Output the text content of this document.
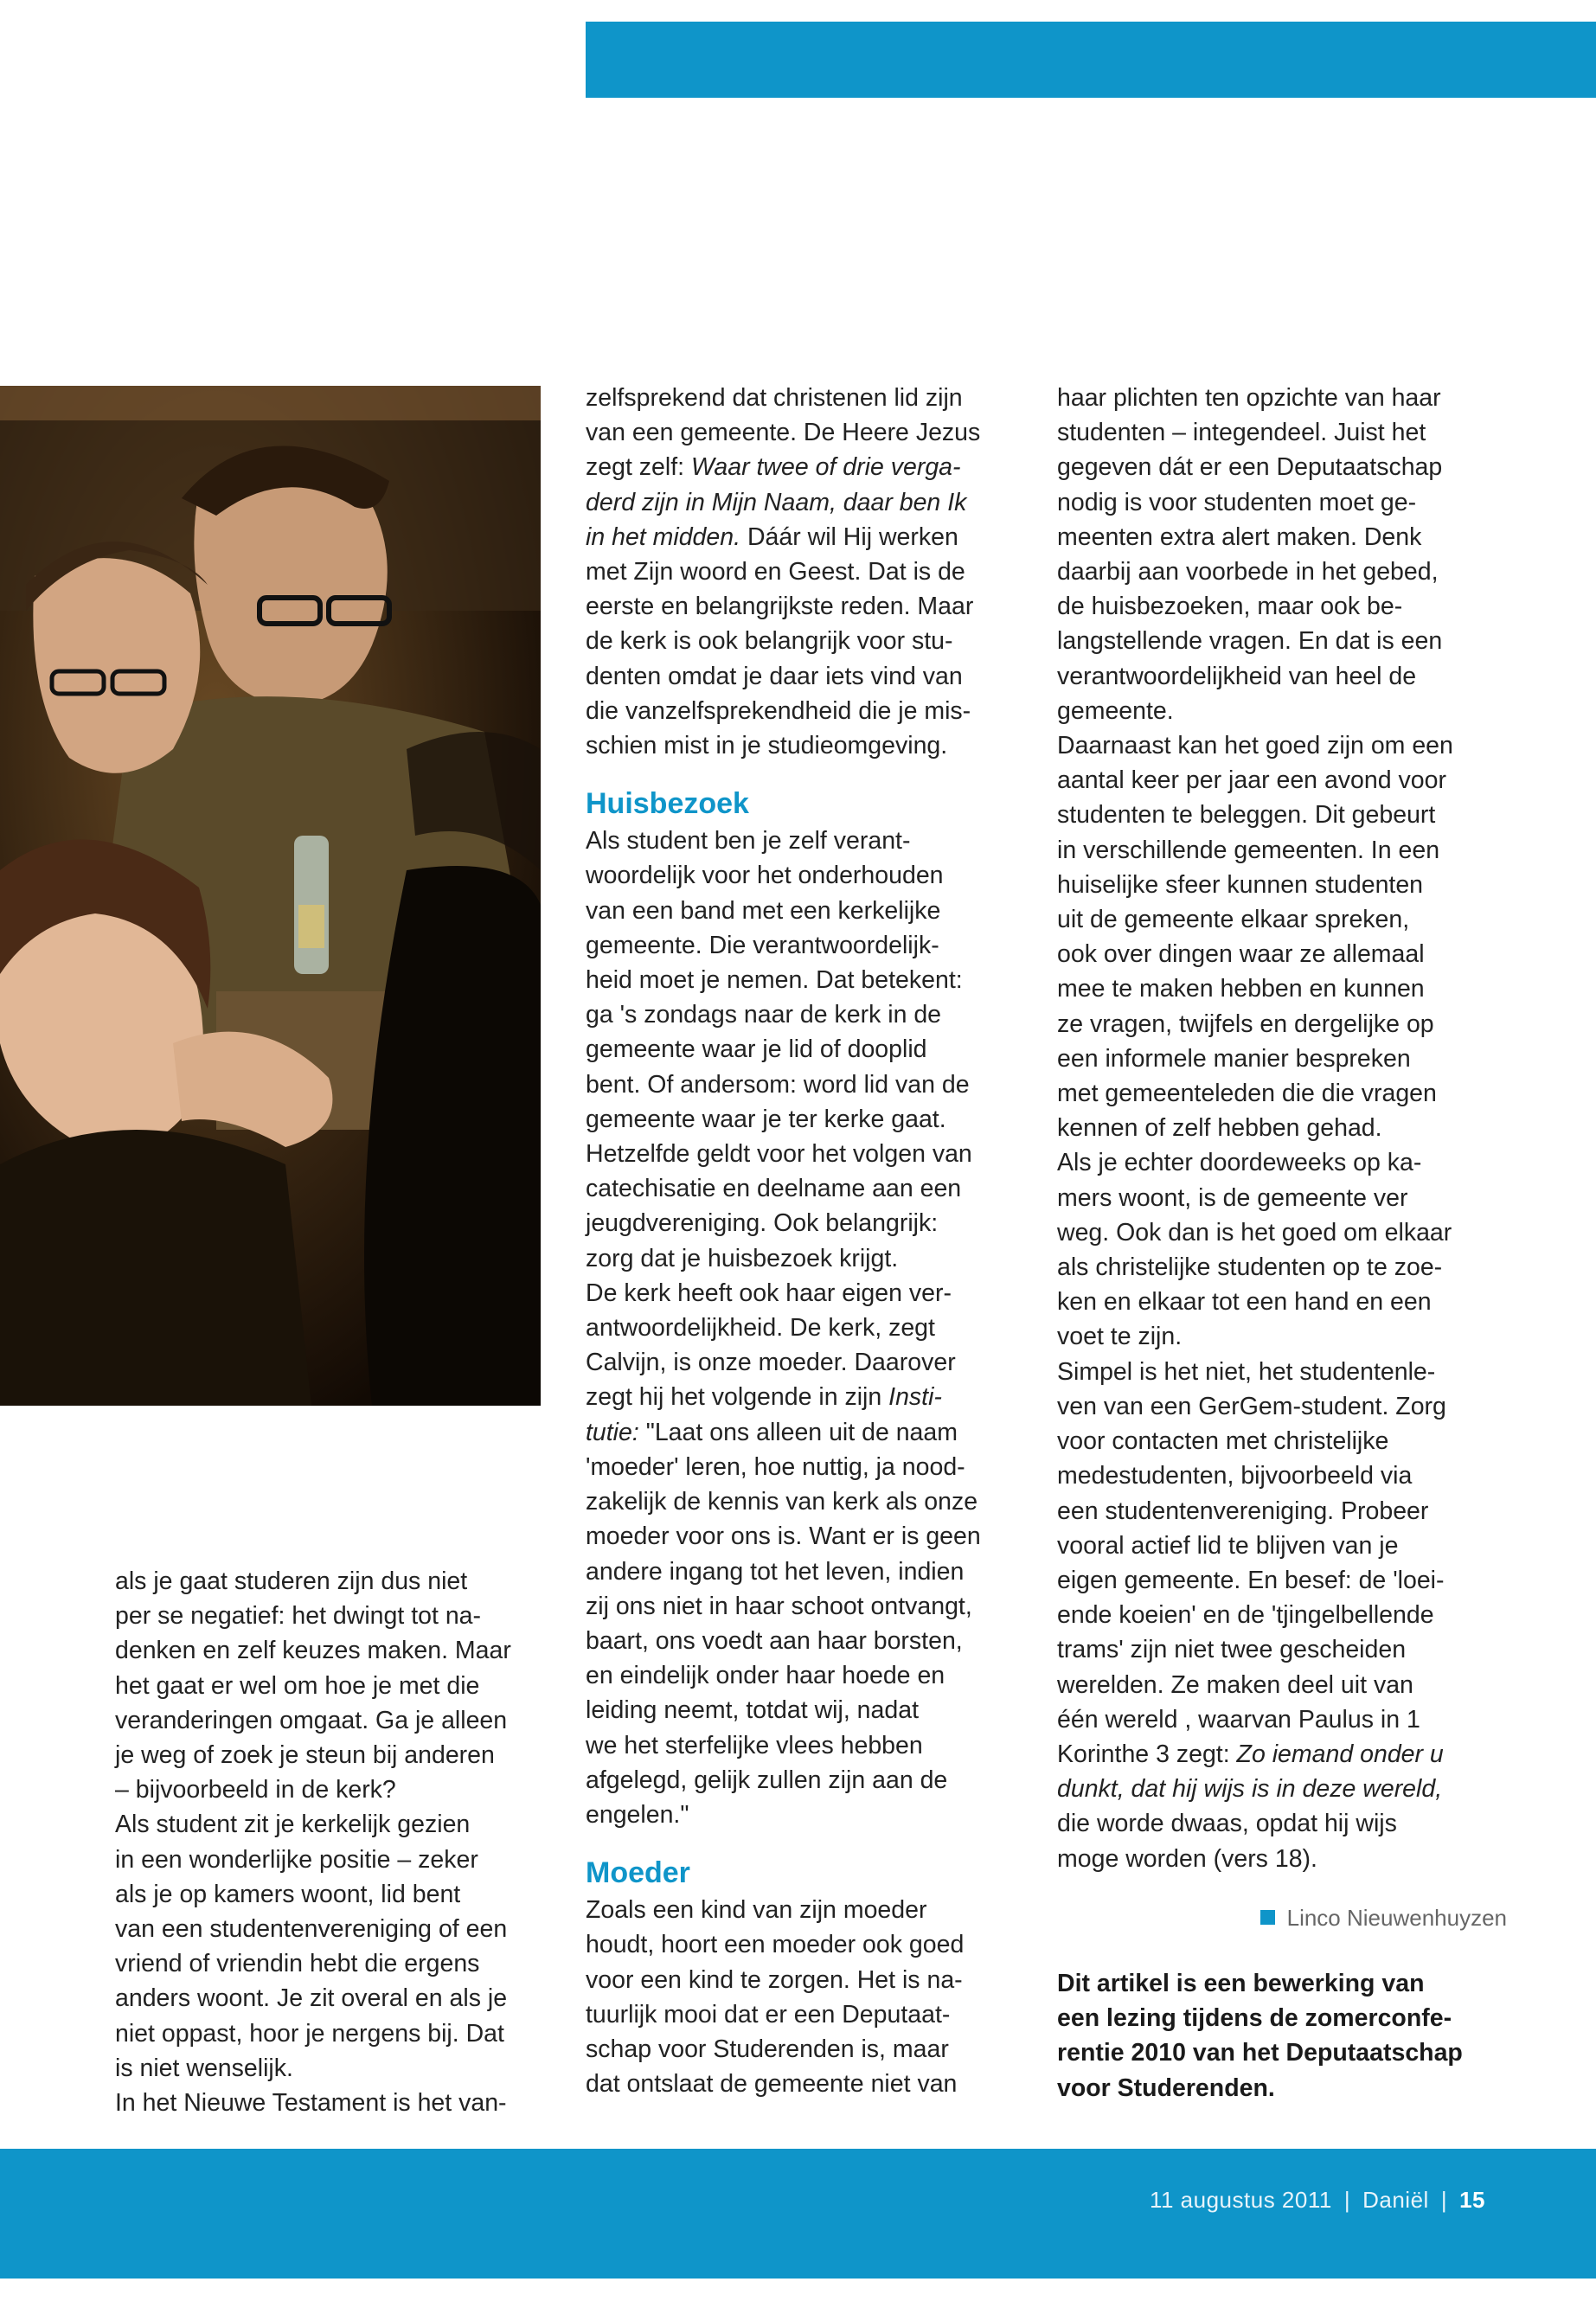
als je gaat studeren zijn dus niet
per se negatief: het dwingt tot na-
denken en zelf keuzes maken. Maar
het gaat er wel om hoe je met die
veranderingen omgaat. Ga je alleen
je weg of zoek je steun bij anderen
– bijvoorbeeld in de kerk?
Als student zit je kerkelijk gezien
in een wonderlijke positie – zeker
als je op kamers woont, lid bent
van een studentenvereniging of een
vriend of vriendin hebt die ergens
anders woont. Je zit overal en als je
niet oppast, hoor je nergens bij. Dat
is niet wenselijk.
In het Nieuwe Testament is het van-
zelfsprekend dat christenen lid zijn
van een gemeente. De Heere Jezus
zegt zelf: Waar twee of drie verga-
derd zijn in Mijn Naam, daar ben Ik
in het midden. Dáár wil Hij werken
met Zijn woord en Geest. Dat is de
eerste en belangrijkste reden. Maar
de kerk is ook belangrijk voor stu-
denten omdat je daar iets vind van
die vanzelfsprekendheid die je mis-
schien mist in je studieomgeving.
Huisbezoek
Als student ben je zelf verant-
woordelijk voor het onderhouden
van een band met een kerkelijke
gemeente. Die verantwoordelijk-
heid moet je nemen. Dat betekent:
ga 's zondags naar de kerk in de
gemeente waar je lid of dooplid
bent. Of andersom: word lid van de
gemeente waar je ter kerke gaat.
Hetzelfde geldt voor het volgen van
catechisatie en deelname aan een
jeugdvereniging. Ook belangrijk:
zorg dat je huisbezoek krijgt.
De kerk heeft ook haar eigen ver-
antwoordelijkheid. De kerk, zegt
Calvijn, is onze moeder. Daarover
zegt hij het volgende in zijn Insti-
tutie: "Laat ons alleen uit de naam
'moeder' leren, hoe nuttig, ja nood-
zakelijk de kennis van kerk als onze
moeder voor ons is. Want er is geen
andere ingang tot het leven, indien
zij ons niet in haar schoot ontvangt,
baart, ons voedt aan haar borsten,
en eindelijk onder haar hoede en
leiding neemt, totdat wij, nadat
we het sterfelijke vlees hebben
afgelegd, gelijk zullen zijn aan de
engelen."
Moeder
Zoals een kind van zijn moeder
houdt, hoort een moeder ook goed
voor een kind te zorgen. Het is na-
tuurlijk mooi dat er een Deputaat-
schap voor Studerenden is, maar
dat ontslaat de gemeente niet van
haar plichten ten opzichte van haar
studenten – integendeel. Juist het
gegeven dát er een Deputaatschap
nodig is voor studenten moet ge-
meenten extra alert maken. Denk
daarbij aan voorbede in het gebed,
de huisbezoeken, maar ook be-
langstellende vragen. En dat is een
verantwoordelijkheid van heel de
gemeente.
Daarnaast kan het goed zijn om een
aantal keer per jaar een avond voor
studenten te beleggen. Dit gebeurt
in verschillende gemeenten. In een
huiselijke sfeer kunnen studenten
uit de gemeente elkaar spreken,
ook over dingen waar ze allemaal
mee te maken hebben en kunnen
ze vragen, twijfels en dergelijke op
een informele manier bespreken
met gemeenteleden die die vragen
kennen of zelf hebben gehad.
Als je echter doordeweeks op ka-
mers woont, is de gemeente ver
weg. Ook dan is het goed om elkaar
als christelijke studenten op te zoe-
ken en elkaar tot een hand en een
voet te zijn.
Simpel is het niet, het studentenle-
ven van een GerGem-student. Zorg
voor contacten met christelijke
medestudenten, bijvoorbeeld via
een studentenvereniging. Probeer
vooral actief lid te blijven van je
eigen gemeente. En besef: de 'loei-
ende koeien' en de 'tjingelbellende
trams' zijn niet twee gescheiden
werelden. Ze maken deel uit van
één wereld , waarvan Paulus in 1
Korinthe 3 zegt: Zo iemand onder u
dunkt, dat hij wijs is in deze wereld,
die worde dwaas, opdat hij wijs
moge worden (vers 18).
Linco Nieuwenhuyzen
Dit artikel is een bewerking van
een lezing tijdens de zomerconfe-
rentie 2010 van het Deputaatschap
voor Studerenden.
11 augustus 2011 | Daniël | 15
